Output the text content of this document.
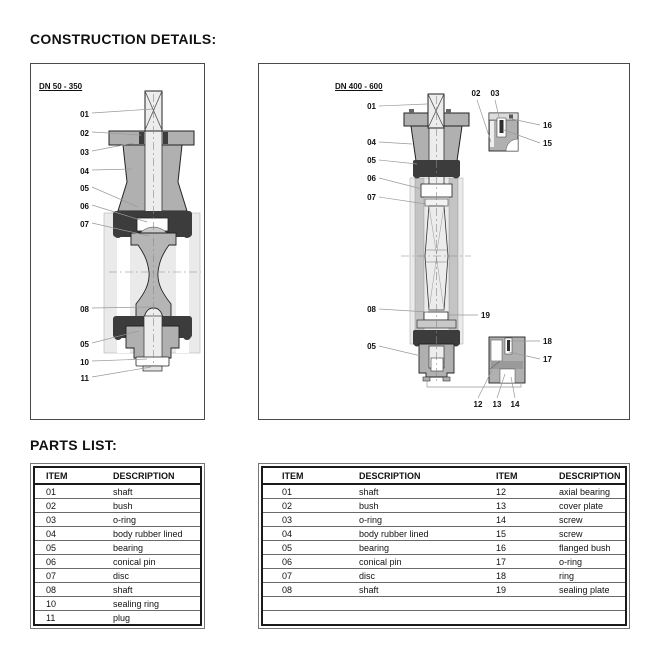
CONSTRUCTION DETAILS:
DN 50 - 350
01
02
03
04
05
06
07
08
05
10
11
DN 400 - 600
01
04
05
06
07
08
05
19
02 03
12 13 14
16
15
18
17
PARTS LIST:
ITEM	DESCRIPTION
01	shaft
02	bush
03	o-ring
04	body rubber lined
05	bearing
06	conical pin
07	disc
08	shaft
10	sealing ring
11	plug
ITEM	DESCRIPTION	ITEM	DESCRIPTION
01	shaft	12	axial bearing
02	bush	13	cover plate
03	o-ring	14	screw
04	body rubber lined	15	screw
05	bearing	16	flanged bush
06	conical pin	17	o-ring
07	disc	18	ring
08	shaft	19	sealing plate
